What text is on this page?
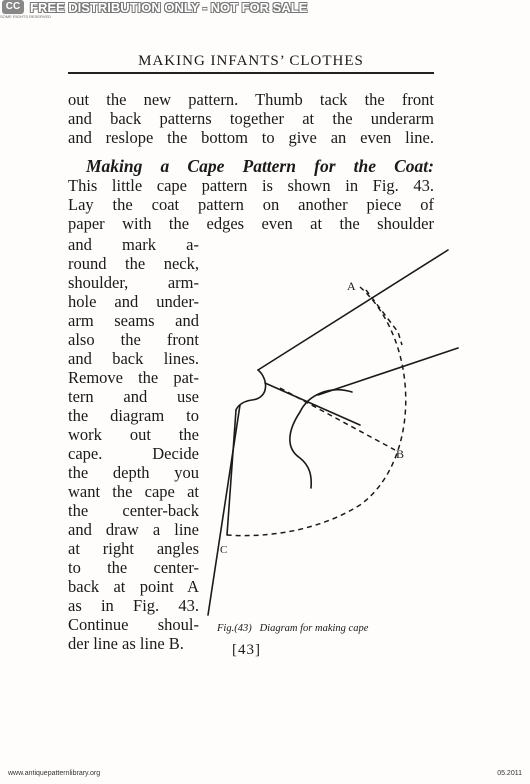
CC
SOME RIGHTS RESERVED
FREE DISTRIBUTION ONLY - NOT FOR SALE
MAKING INFANTS’ CLOTHES
out the new pattern. Thumb tack the front
and back patterns together at the underarm
and reslope the bottom to give an even line.
Making a Cape Pattern for the Coat:
This little cape pattern is shown in Fig. 43.
Lay the coat pattern on another piece of
paper with the edges even at the shoulder
and mark a-
round the neck,
shoulder, arm-
hole and under-
arm seams and
also the front
and back lines.
Remove the pat-
tern and use
the diagram to
work out the
cape. Decide
the depth you
want the cape at
the center-back
and draw a line
at right angles
to the center-
back at point A
as in Fig. 43.
Continue shoul-
der line as line B.
A
B
C
Fig.(43) Diagram for making cape
[43]
www.antiquepatternlibrary.org	05.2011
